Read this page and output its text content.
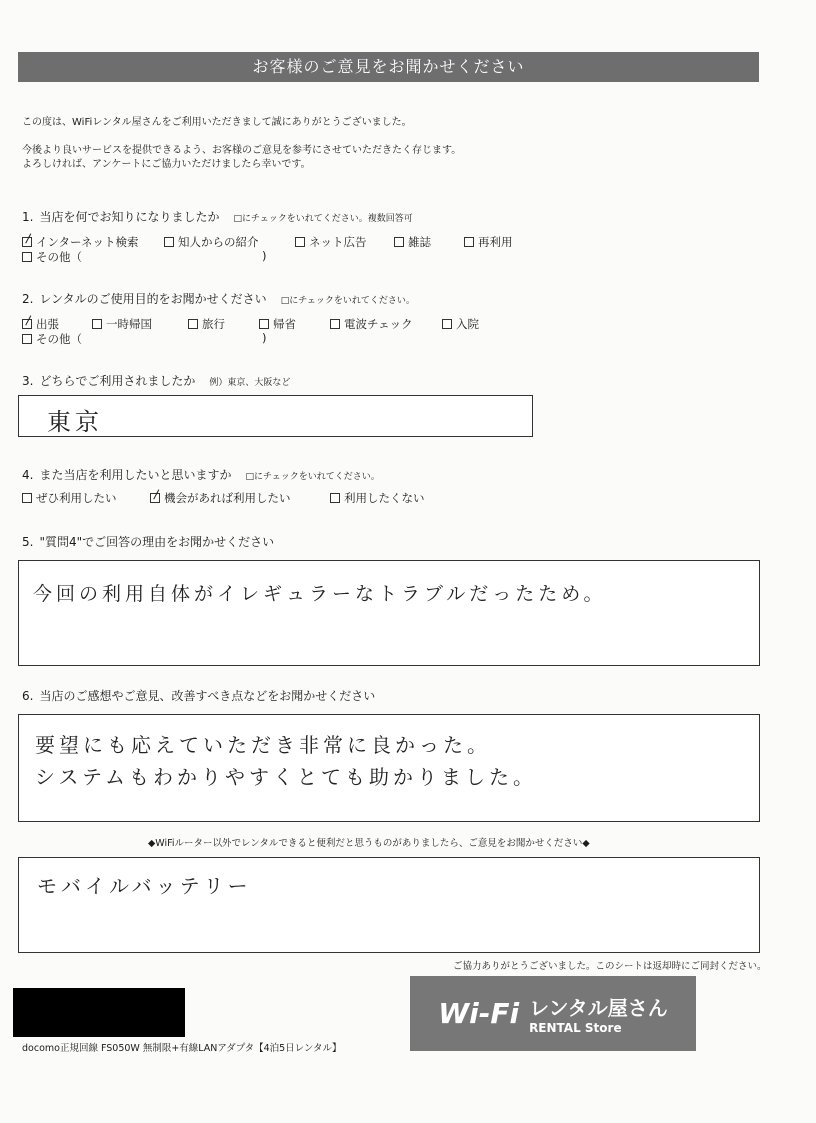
お客様のご意見をお聞かせください
この度は、WiFiレンタル屋さんをご利用いただきまして誠にありがとうございました。
今後より良いサービスを提供できるよう、お客様のご意見を参考にさせていただきたく存じます。
よろしければ、アンケートにご協力いただけましたら幸いです。
1. 当店を何でお知りになりましたか □にチェックをいれてください。複数回答可
インターネット検索	知人からの紹介	ネット広告	雑誌	再利用
その他（	)
2. レンタルのご使用目的をお聞かせください □にチェックをいれてください。
出張	一時帰国	旅行	帰省	電波チェック	入院
その他（	)
3. どちらでご利用されましたか 例）東京、大阪など
東京
4. また当店を利用したいと思いますか □にチェックをいれてください。
ぜひ利用したい	機会があれば利用したい	利用したくない
5. "質問4"でご回答の理由をお聞かせください
今回の利用自体がイレギュラーなトラブルだったため。
6. 当店のご感想やご意見、改善すべき点などをお聞かせください
要望にも応えていただき非常に良かった。
システムもわかりやすくとても助かりました。
◆WiFiルーター以外でレンタルできると便利だと思うものがありましたら、ご意見をお聞かせください◆
モバイルバッテリー
ご協力ありがとうございました。このシートは返却時にご同封ください。
Wi-Fi レンタル屋さん
RENTAL Store
docomo正規回線 FS050W 無制限+有線LANアダプタ【4泊5日レンタル】
